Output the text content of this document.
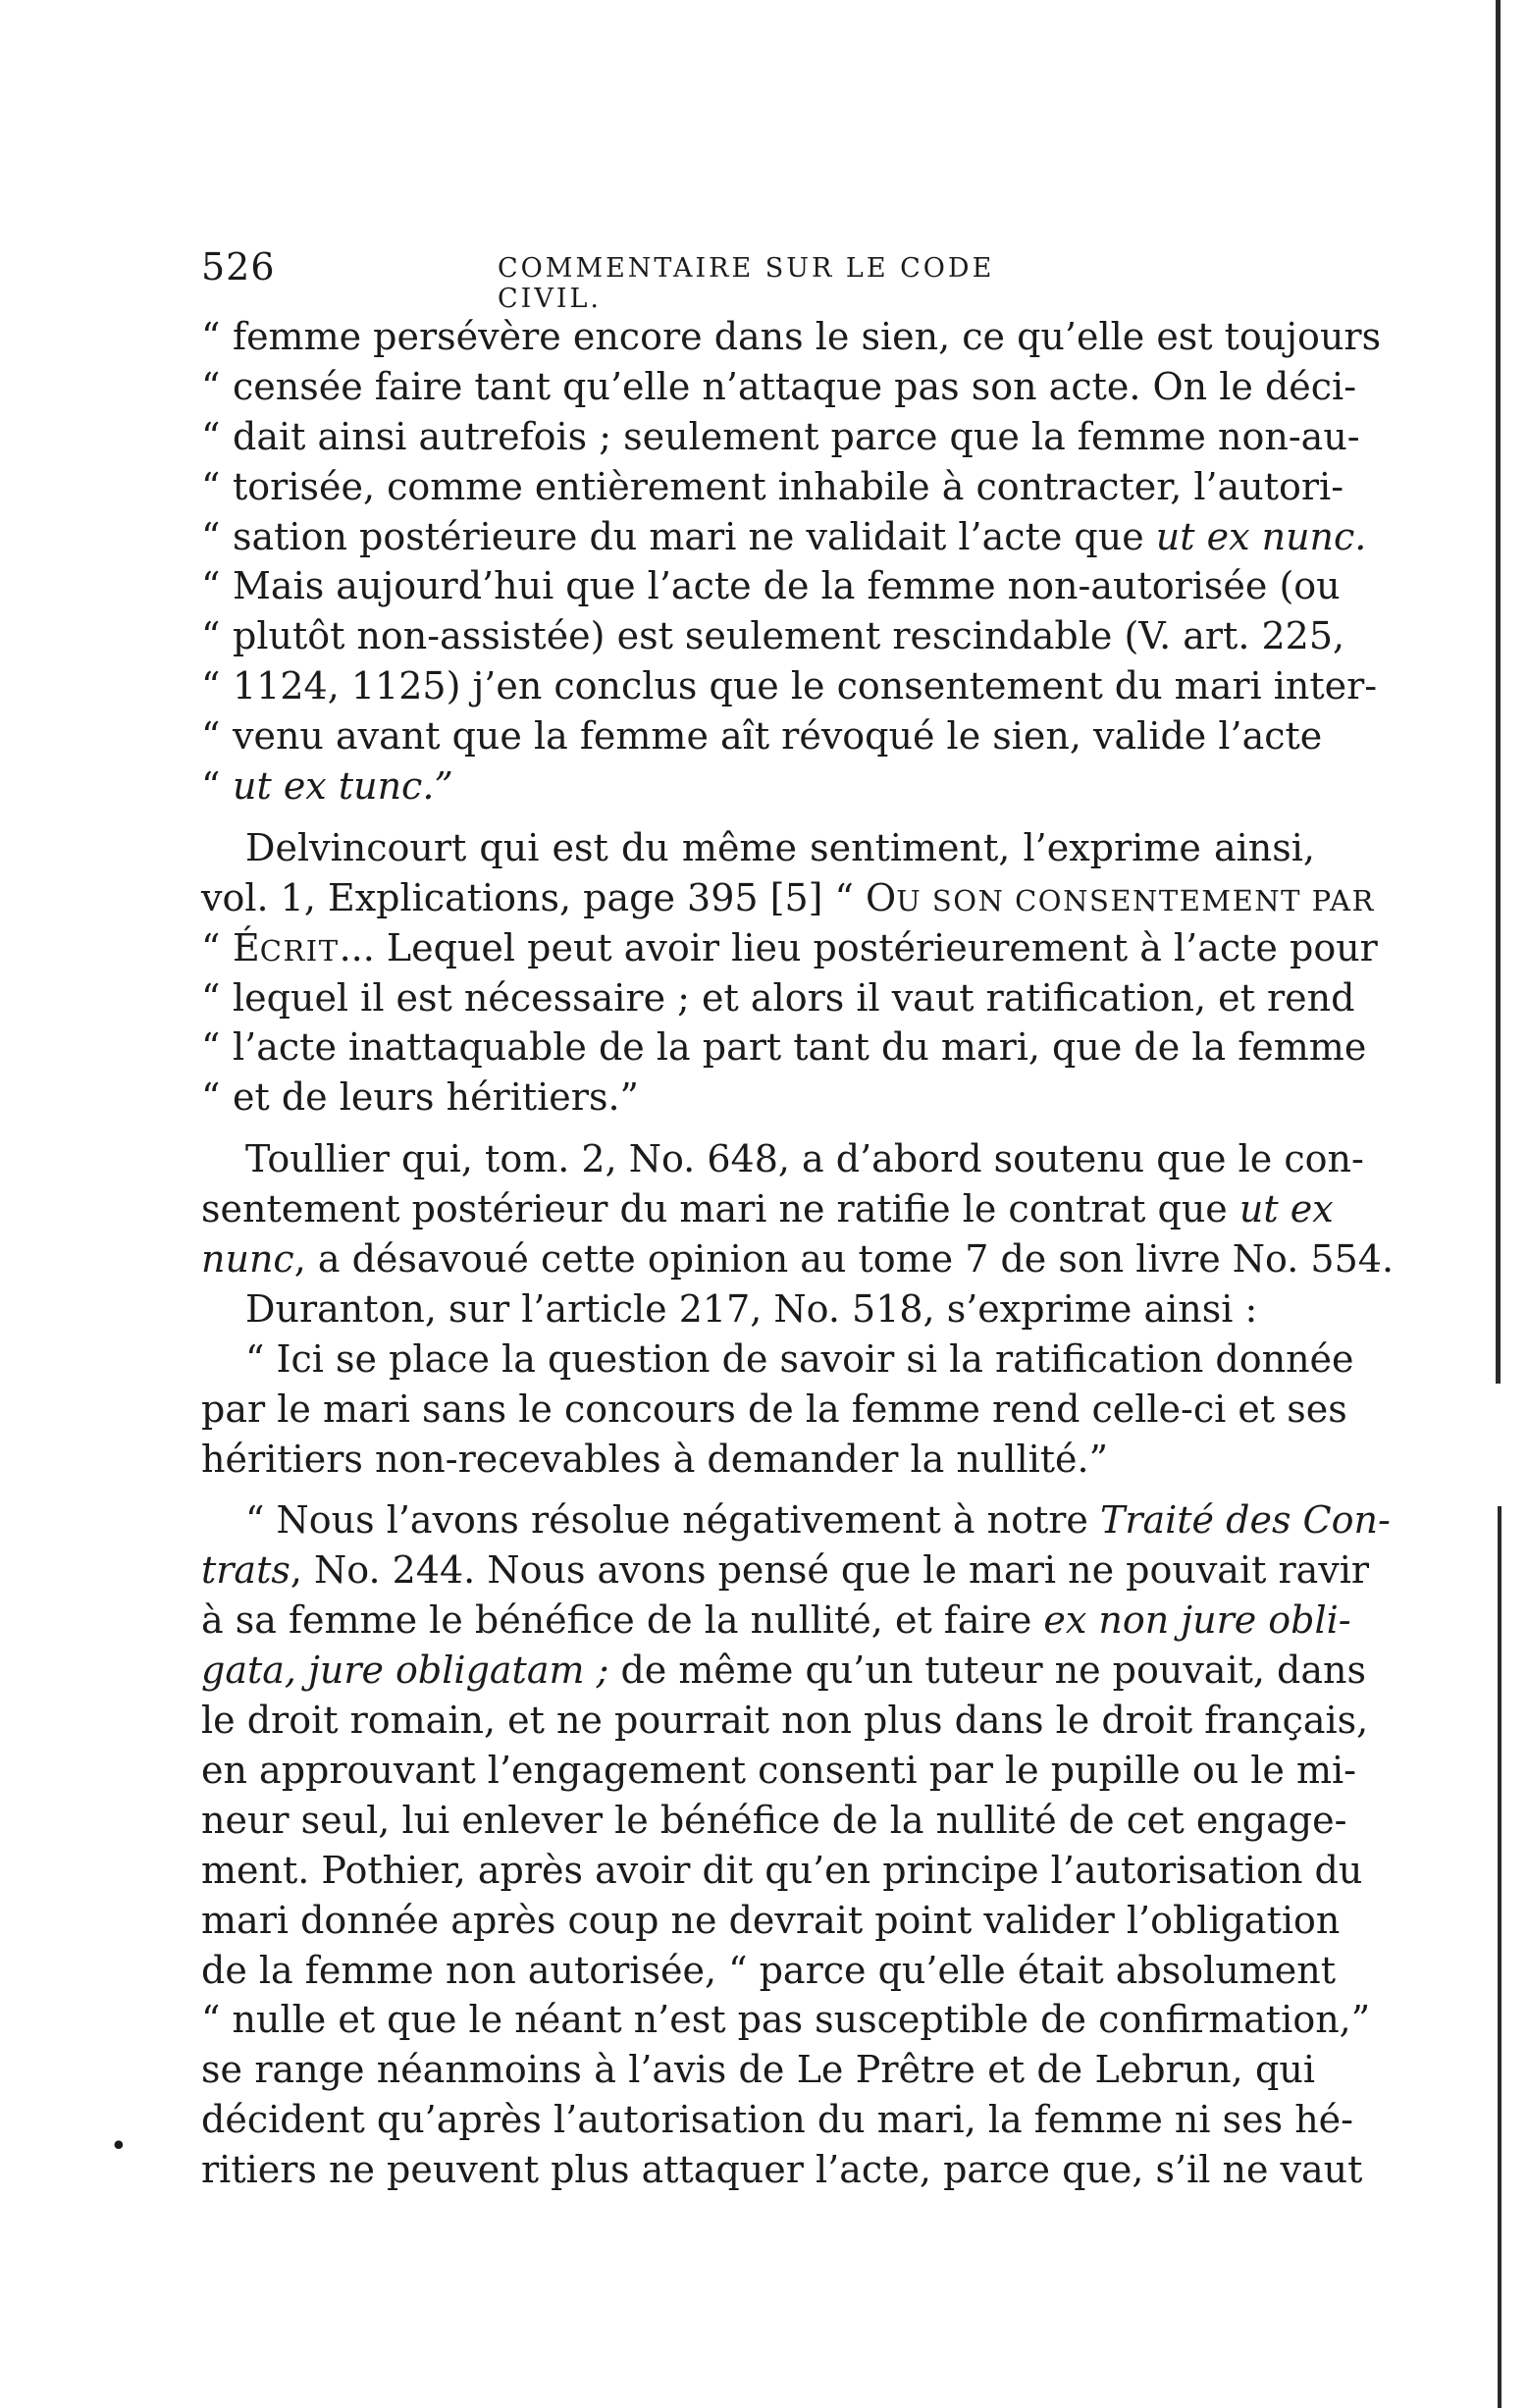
526	COMMENTAIRE SUR LE CODE CIVIL.
“ femme persévère encore dans le sien, ce qu’elle est toujours
“ censée faire tant qu’elle n’attaque pas son acte. On le déci-
“ dait ainsi autrefois ; seulement parce que la femme non-au-
“ torisée, comme entièrement inhabile à contracter, l’autori-
“ sation postérieure du mari ne validait l’acte que ut ex nunc.
“ Mais aujourd’hui que l’acte de la femme non-autorisée (ou
“ plutôt non-assistée) est seulement rescindable (V. art. 225,
“ 1124, 1125) j’en conclus que le consentement du mari inter-
“ venu avant que la femme aît révoqué le sien, valide l’acte
“ ut ex tunc.”
Delvincourt qui est du même sentiment, l’exprime ainsi,
vol. 1, Explications, page 395 [5] “ OU SON CONSENTEMENT PAR
“ ÉCRIT... Lequel peut avoir lieu postérieurement à l’acte pour
“ lequel il est nécessaire ; et alors il vaut ratification, et rend
“ l’acte inattaquable de la part tant du mari, que de la femme
“ et de leurs héritiers.”
Toullier qui, tom. 2, No. 648, a d’abord soutenu que le con-
sentement postérieur du mari ne ratifie le contrat que ut ex
nunc, a désavoué cette opinion au tome 7 de son livre No. 554.
Duranton, sur l’article 217, No. 518, s’exprime ainsi :
“ Ici se place la question de savoir si la ratification donnée
par le mari sans le concours de la femme rend celle-ci et ses
héritiers non-recevables à demander la nullité.”
“ Nous l’avons résolue négativement à notre Traité des Con-
trats, No. 244. Nous avons pensé que le mari ne pouvait ravir
à sa femme le bénéfice de la nullité, et faire ex non jure obli-
gata, jure obligatam ; de même qu’un tuteur ne pouvait, dans
le droit romain, et ne pourrait non plus dans le droit français,
en approuvant l’engagement consenti par le pupille ou le mi-
neur seul, lui enlever le bénéfice de la nullité de cet engage-
ment. Pothier, après avoir dit qu’en principe l’autorisation du
mari donnée après coup ne devrait point valider l’obligation
de la femme non autorisée, “ parce qu’elle était absolument
“ nulle et que le néant n’est pas susceptible de confirmation,”
se range néanmoins à l’avis de Le Prêtre et de Lebrun, qui
décident qu’après l’autorisation du mari, la femme ni ses hé-
ritiers ne peuvent plus attaquer l’acte, parce que, s’il ne vaut
•
